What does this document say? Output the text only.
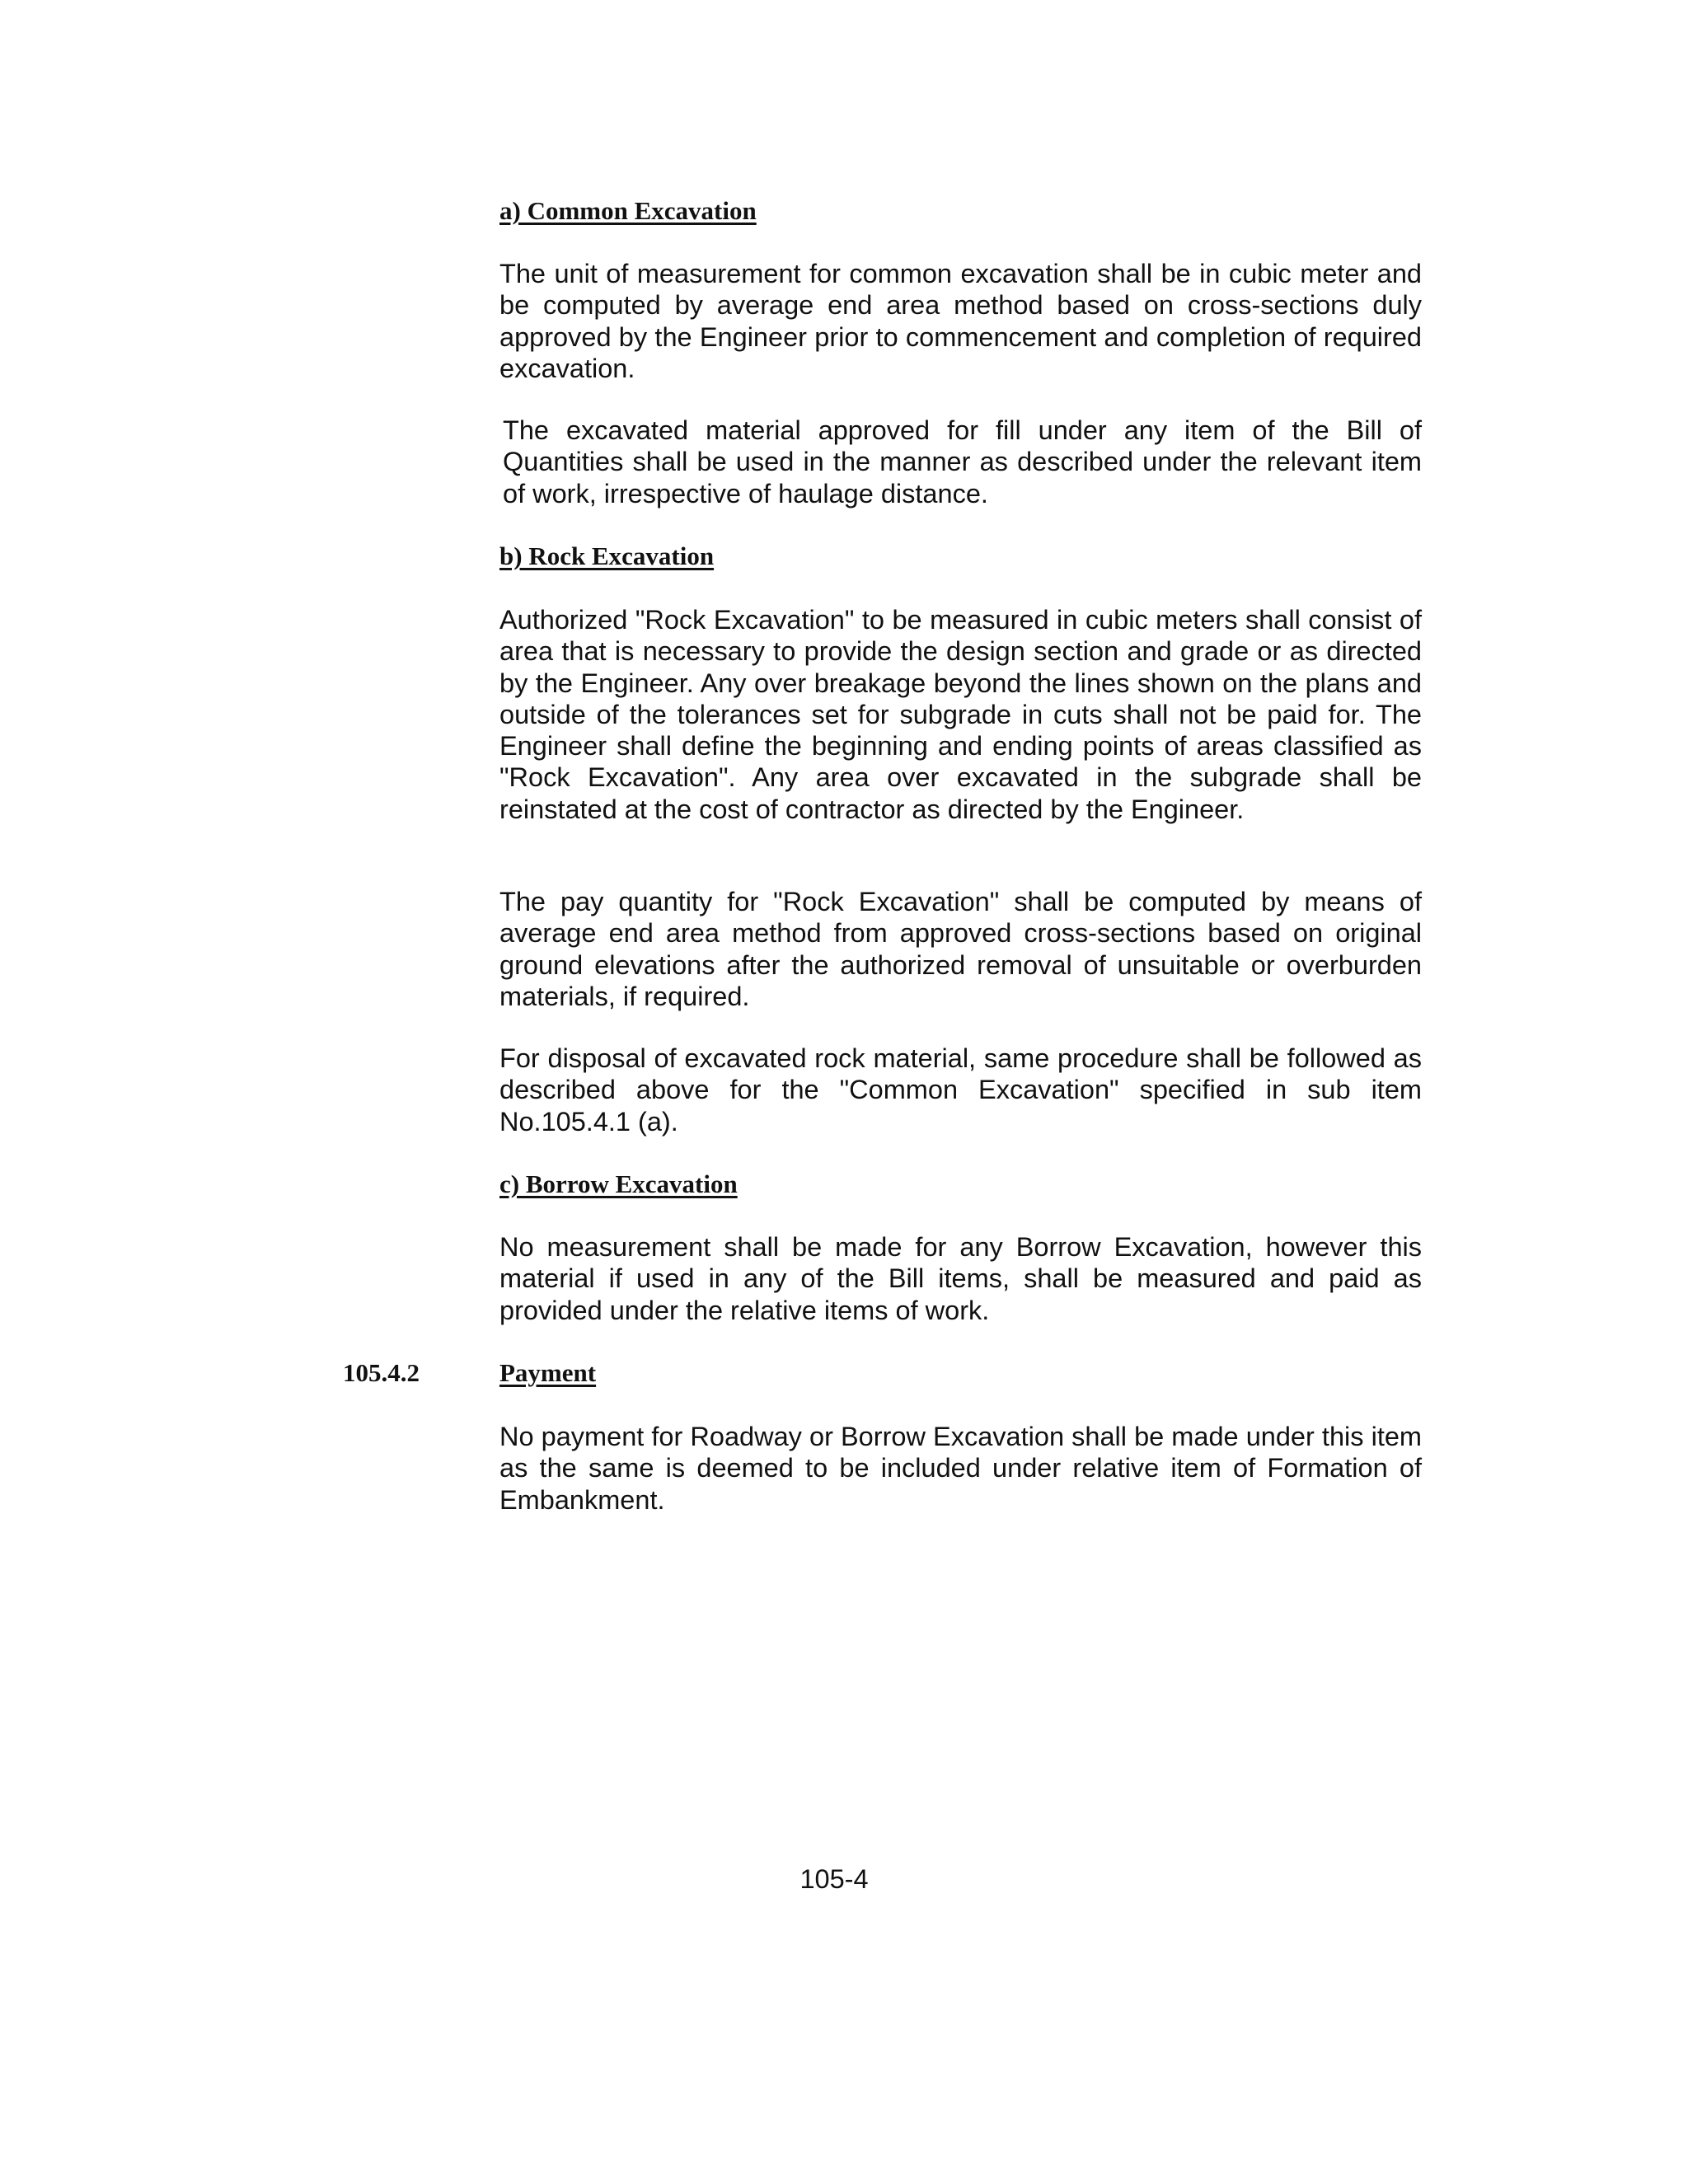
a) Common Excavation

The unit of measurement for common excavation shall be in cubic meter and be computed by average end area method based on cross-sections duly approved by the Engineer prior to commencement and completion of required excavation.

The excavated material approved for fill under any item of the Bill of Quantities shall be used in the manner as described under the relevant item of work, irrespective of haulage distance.

b) Rock Excavation

Authorized "Rock Excavation" to be measured in cubic meters shall consist of area that is necessary to provide the design section and grade or as directed by the Engineer. Any over breakage beyond the lines shown on the plans and outside of the tolerances set for subgrade in cuts shall not be paid for. The Engineer shall define the beginning and ending points of areas classified as "Rock Excavation". Any area over excavated in the subgrade shall be reinstated at the cost of contractor as directed by the Engineer.

The pay quantity for "Rock Excavation" shall be computed by means of average end area method from approved cross-sections based on original ground elevations after the authorized removal of unsuitable or overburden materials, if required.

For disposal of excavated rock material, same procedure shall be followed as described above for the "Common Excavation" specified in sub item No.105.4.1 (a).

c) Borrow Excavation

No measurement shall be made for any Borrow Excavation, however this material if used in any of the Bill items, shall be measured and paid as provided under the relative items of work.

105.4.2	Payment

No payment for Roadway or Borrow Excavation shall be made under this item as the same is deemed to be included under relative item of Formation of Embankment.

105-4
